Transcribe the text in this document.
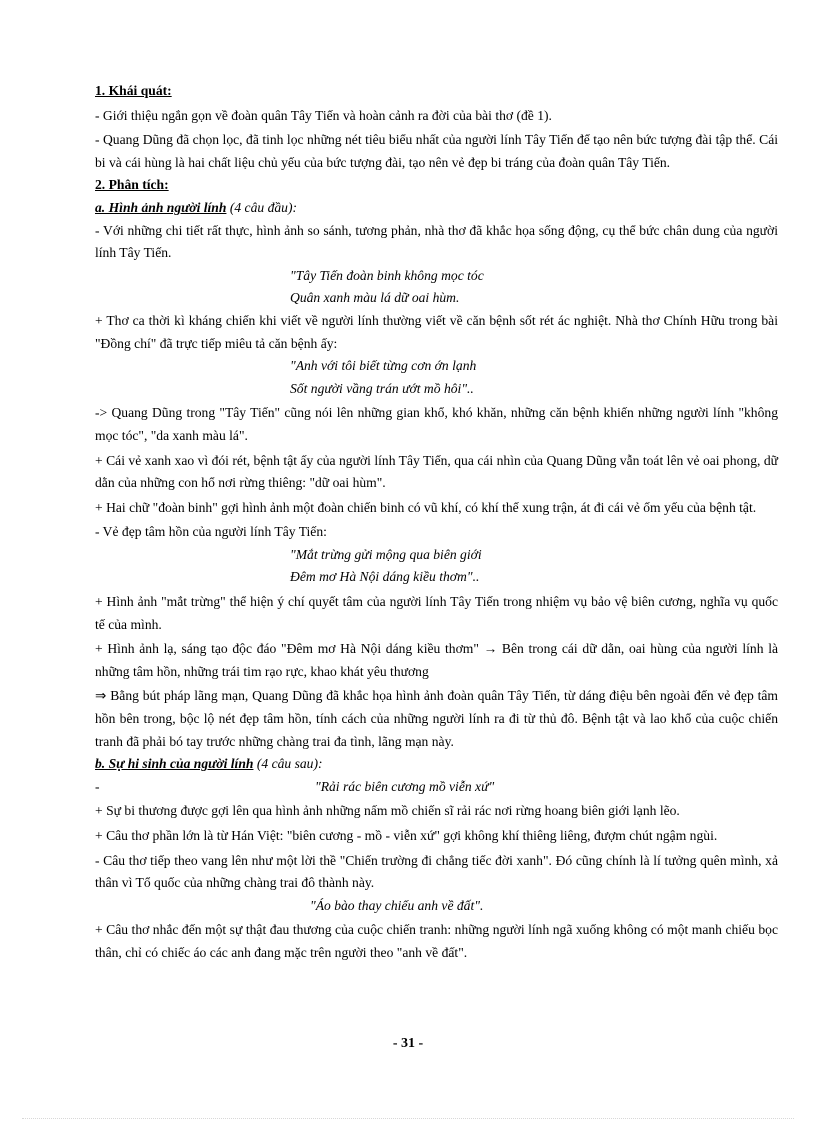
1. Khái quát:

- Giới thiệu ngắn gọn về đoàn quân Tây Tiến và hoàn cảnh ra đời của bài thơ (đề 1).

- Quang Dũng đã chọn lọc, đã tinh lọc những nét tiêu biểu nhất của người lính Tây Tiến để tạo nên bức tượng đài tập thể. Cái bi và cái hùng là hai chất liệu chủ yếu của bức tượng đài, tạo nên vẻ đẹp bi tráng của đoàn quân Tây Tiến.

2. Phân tích:

a. Hình ảnh người lính (4 câu đầu):

- Với những chi tiết rất thực, hình ảnh so sánh, tương phản, nhà thơ đã khắc họa sống động, cụ thể bức chân dung của người lính Tây Tiến.

"Tây Tiến đoàn binh không mọc tóc

Quân xanh màu lá dữ oai hùm.

+ Thơ ca thời kì kháng chiến khi viết về người lính thường viết về căn bệnh sốt rét ác nghiệt. Nhà thơ Chính Hữu trong bài "Đồng chí" đã trực tiếp miêu tả căn bệnh ấy:

"Anh với tôi biết từng cơn ớn lạnh

Sốt người vầng trán ướt mồ hôi"..

-> Quang Dũng trong "Tây Tiến" cũng nói lên những gian khổ, khó khăn, những căn bệnh khiến những người lính "không mọc tóc", "da xanh màu lá".

+ Cái vẻ xanh xao vì đói rét, bệnh tật ấy của người lính Tây Tiến, qua cái nhìn của Quang Dũng vẫn toát lên vẻ oai phong, dữ dằn của những con hổ nơi rừng thiêng: "dữ oai hùm".

+ Hai chữ "đoàn binh" gợi hình ảnh một đoàn chiến binh có vũ khí, có khí thế xung trận, át đi cái vẻ ốm yếu của bệnh tật.

- Vẻ đẹp tâm hồn của người lính Tây Tiến:

"Mắt trừng gửi mộng qua biên giới

Đêm mơ Hà Nội dáng kiều thơm"..

+ Hình ảnh "mắt trừng" thể hiện ý chí quyết tâm của người lính Tây Tiến trong nhiệm vụ bảo vệ biên cương, nghĩa vụ quốc tế của mình.

+ Hình ảnh lạ, sáng tạo độc đáo "Đêm mơ Hà Nội dáng kiều thơm" → Bên trong cái dữ dằn, oai hùng của người lính là những tâm hồn, những trái tim rạo rực, khao khát yêu thương

⇒ Bằng bút pháp lãng mạn, Quang Dũng đã khắc họa hình ảnh đoàn quân Tây Tiến, từ dáng điệu bên ngoài đến vẻ đẹp tâm hồn bên trong, bộc lộ nét đẹp tâm hồn, tính cách của những người lính ra đi từ thủ đô. Bệnh tật và lao khổ của cuộc chiến tranh đã phải bó tay trước những chàng trai đa tình, lãng mạn này.

b. Sự hi sinh của người lính (4 câu sau):

-	"Rải rác biên cương mồ viễn xứ"

+ Sự bi thương được gợi lên qua hình ảnh những nấm mồ chiến sĩ rải rác nơi rừng hoang biên giới lạnh lẽo.

+ Câu thơ phần lớn là từ Hán Việt: "biên cương - mồ - viễn xứ" gợi không khí thiêng liêng, đượm chút ngậm ngùi.

- Câu thơ tiếp theo vang lên như một lời thề "Chiến trường đi chẳng tiếc đời xanh". Đó cũng chính là lí tưởng quên mình, xả thân vì Tổ quốc của những chàng trai đô thành này.

"Áo bào thay chiếu anh về đất".

+ Câu thơ nhắc đến một sự thật đau thương của cuộc chiến tranh: những người lính ngã xuống không có một manh chiếu bọc thân, chỉ có chiếc áo các anh đang mặc trên người theo "anh về đất".

- 31 -
